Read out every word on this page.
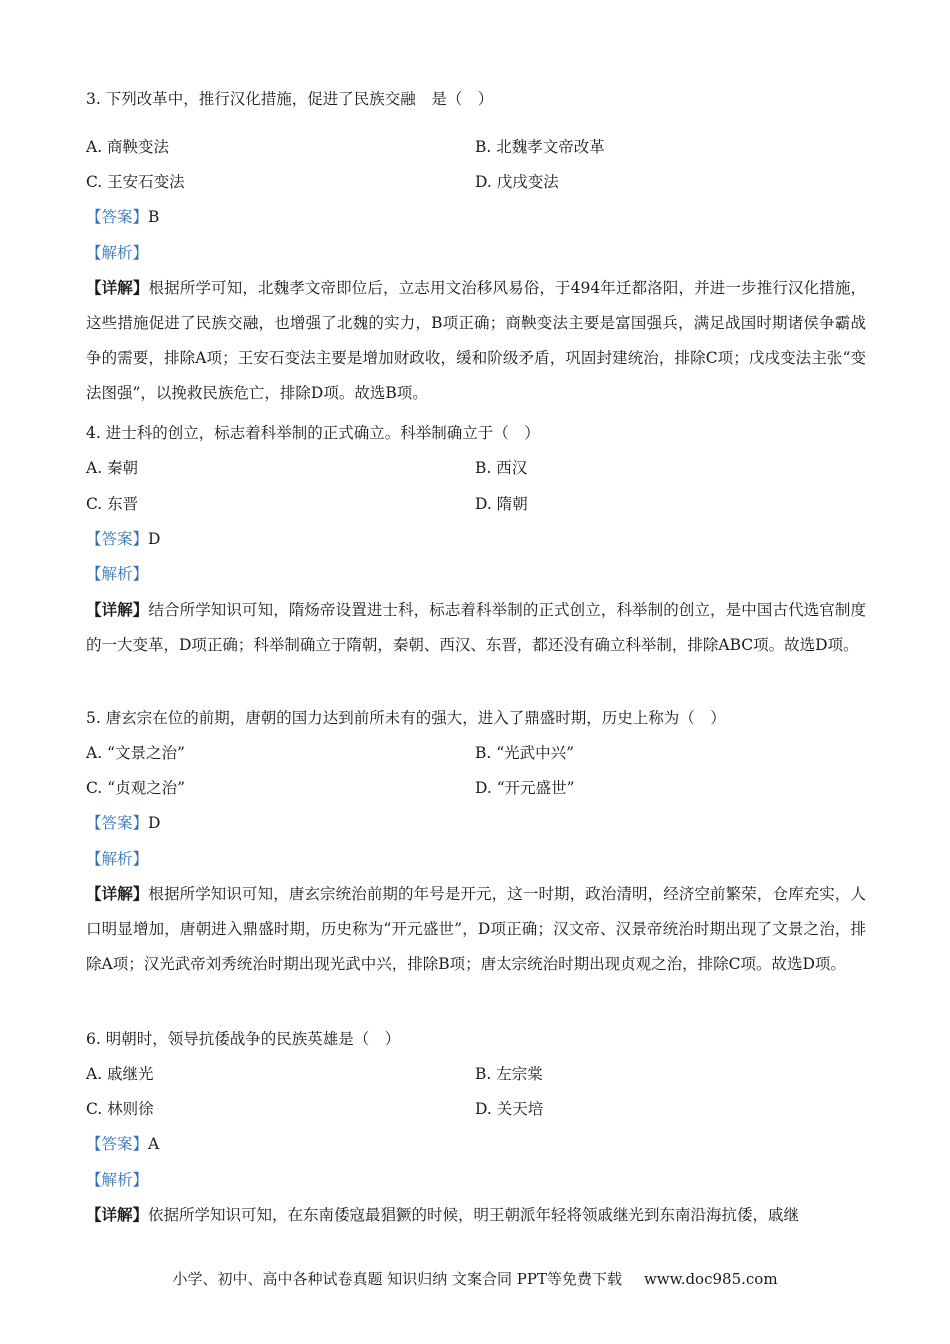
3. 下列改革中，推行汉化措施，促进了民族交融　是（　）
A. 商鞅变法	B. 北魏孝文帝改革
C. 王安石变法	D. 戊戌变法
【答案】B
【解析】
【详解】根据所学可知，北魏孝文帝即位后，立志用文治移风易俗，于494年迁都洛阳，并进一步推行汉化措施，这些措施促进了民族交融，也增强了北魏的实力，B项正确；商鞅变法主要是富国强兵，满足战国时期诸侯争霸战争的需要，排除A项；王安石变法主要是增加财政收，缓和阶级矛盾，巩固封建统治，排除C项；戊戌变法主张“变法图强”，以挽救民族危亡，排除D项。故选B项。
4. 进士科的创立，标志着科举制的正式确立。科举制确立于（　）
A. 秦朝	B. 西汉
C. 东晋	D. 隋朝
【答案】D
【解析】
【详解】结合所学知识可知，隋炀帝设置进士科，标志着科举制的正式创立，科举制的创立，是中国古代选官制度的一大变革，D项正确；科举制确立于隋朝，秦朝、西汉、东晋，都还没有确立科举制，排除ABC项。故选D项。
5. 唐玄宗在位的前期，唐朝的国力达到前所未有的强大，进入了鼎盛时期，历史上称为（　）
A. “文景之治”	B. “光武中兴”
C. “贞观之治”	D. “开元盛世”
【答案】D
【解析】
【详解】根据所学知识可知，唐玄宗统治前期的年号是开元，这一时期，政治清明，经济空前繁荣，仓库充实，人口明显增加，唐朝进入鼎盛时期，历史称为“开元盛世”，D项正确；汉文帝、汉景帝统治时期出现了文景之治，排除A项；汉光武帝刘秀统治时期出现光武中兴，排除B项；唐太宗统治时期出现贞观之治，排除C项。故选D项。
6. 明朝时，领导抗倭战争的民族英雄是（　）
A. 戚继光	B. 左宗棠
C. 林则徐	D. 关天培
【答案】A
【解析】
【详解】依据所学知识可知，在东南倭寇最猖獗的时候，明王朝派年轻将领戚继光到东南沿海抗倭，戚继
小学、初中、高中各种试卷真题 知识归纳 文案合同 PPT等免费下载 www.doc985.com
